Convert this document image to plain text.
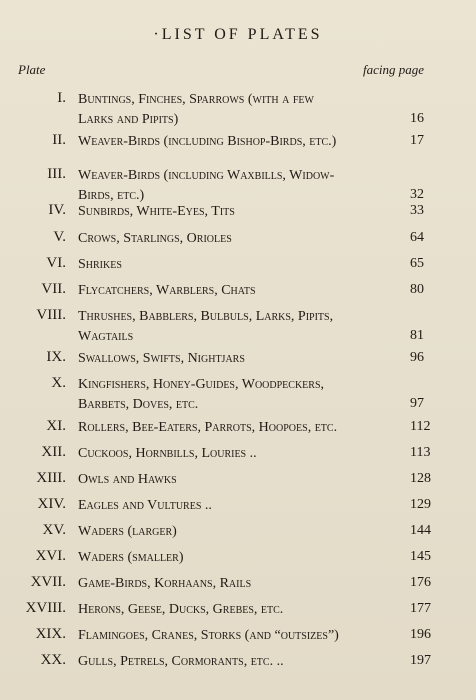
·LIST OF PLATES
Plate	facing page
I. Buntings, Finches, Sparrows (with a few
Larks and Pipits)	16
II. Weaver-Birds (including Bishop-Birds, etc.)	17
III. Weaver-Birds (including Waxbills, Widow-
Birds, etc.)	32
IV. Sunbirds, White-Eyes, Tits	33
V. Crows, Starlings, Orioles	64
VI. Shrikes	65
VII. Flycatchers, Warblers, Chats	80
VIII. Thrushes, Babblers, Bulbuls, Larks, Pipits,
Wagtails	81
IX. Swallows, Swifts, Nightjars	96
X. Kingfishers, Honey-Guides, Woodpeckers,
Barbets, Doves, etc.	97
XI. Rollers, Bee-Eaters, Parrots, Hoopoes, etc.	112
XII. Cuckoos, Hornbills, Louries ..	113
XIII. Owls and Hawks	128
XIV. Eagles and Vultures ..	129
XV. Waders (larger)	144
XVI. Waders (smaller)	145
XVII. Game-Birds, Korhaans, Rails	176
XVIII. Herons, Geese, Ducks, Grebes, etc.	177
XIX. Flamingoes, Cranes, Storks (and “outsizes”)	196
XX. Gulls, Petrels, Cormorants, etc. ..	197
